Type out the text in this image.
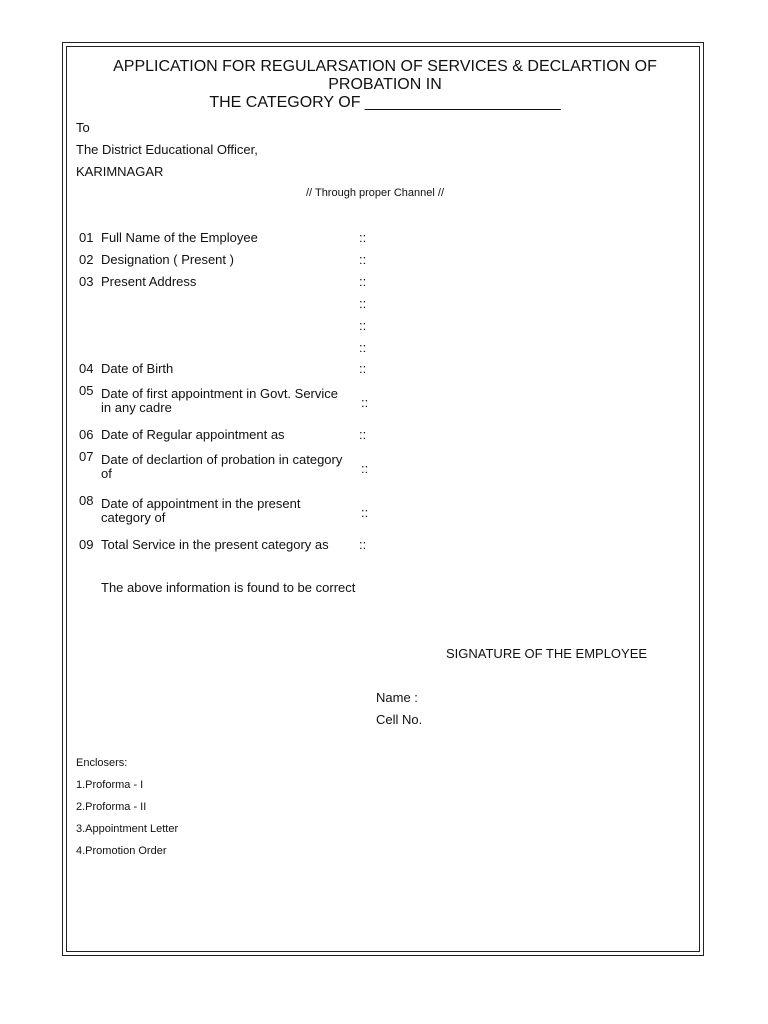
APPLICATION FOR REGULARSATION OF SERVICES & DECLARTION OF PROBATION IN
THE CATEGORY OF ______________________
To
The District Educational Officer,
KARIMNAGAR
// Through proper Channel //
01 Full Name of the Employee	::
02 Designation ( Present )	::
03 Present Address	::
::
::
::
04 Date of Birth	::
05 Date of first appointment in Govt. Service in any cadre	::
06 Date of Regular appointment as	::
07 Date of declartion of probation in category of	::
08 Date of appointment in the present category of	::
09 Total Service in the present category as ::
The above information is found to be correct
SIGNATURE OF THE EMPLOYEE
Name :
Cell No.
Enclosers:
1.Proforma - I
2.Proforma - II
3.Appointment Letter
4.Promotion Order
